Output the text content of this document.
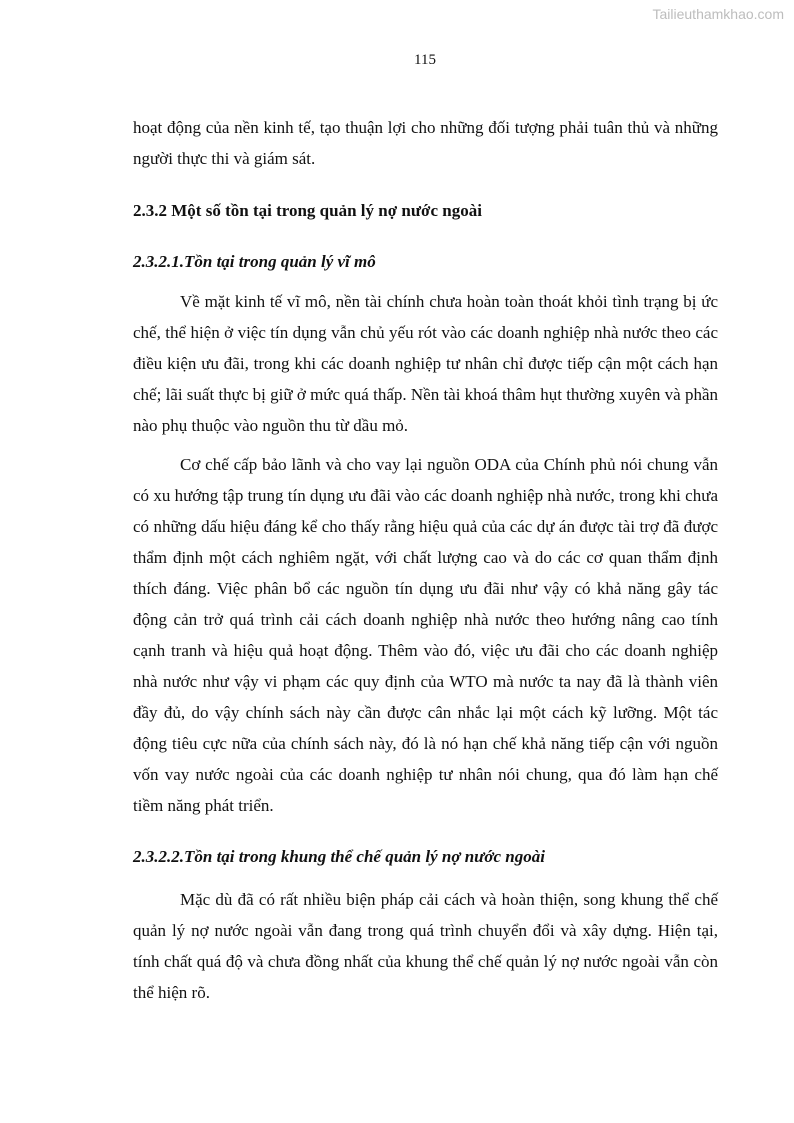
Tailieuthamkhao.com
115

hoạt động của nền kinh tế, tạo thuận lợi cho những đối tượng phải tuân thủ và những người thực thi và giám sát.

2.3.2 Một số tồn tại trong quản lý nợ nước ngoài
2.3.2.1.Tồn tại trong quản lý vĩ mô

Về mặt kinh tế vĩ mô, nền tài chính chưa hoàn toàn thoát khỏi tình trạng bị ức chế, thể hiện ở việc tín dụng vẫn chủ yếu rót vào các doanh nghiệp nhà nước theo các điều kiện ưu đãi, trong khi các doanh nghiệp tư nhân chỉ được tiếp cận một cách hạn chế; lãi suất thực bị giữ ở mức quá thấp. Nền tài khoá thâm hụt thường xuyên và phần nào phụ thuộc vào nguồn thu từ dầu mỏ.

Cơ chế cấp bảo lãnh và cho vay lại nguồn ODA của Chính phủ nói chung vẫn có xu hướng tập trung tín dụng ưu đãi vào các doanh nghiệp nhà nước, trong khi chưa có những dấu hiệu đáng kể cho thấy rằng hiệu quả của các dự án được tài trợ đã được thẩm định một cách nghiêm ngặt, với chất lượng cao và do các cơ quan thẩm định thích đáng. Việc phân bổ các nguồn tín dụng ưu đãi như vậy có khả năng gây tác động cản trở quá trình cải cách doanh nghiệp nhà nước theo hướng nâng cao tính cạnh tranh và hiệu quả hoạt động. Thêm vào đó, việc ưu đãi cho các doanh nghiệp nhà nước như vậy vi phạm các quy định của WTO mà nước ta nay đã là thành viên đầy đủ, do vậy chính sách này cần được cân nhắc lại một cách kỹ lưỡng. Một tác động tiêu cực nữa của chính sách này, đó là nó hạn chế khả năng tiếp cận với nguồn vốn vay nước ngoài của các doanh nghiệp tư nhân nói chung, qua đó làm hạn chế tiềm năng phát triển.

2.3.2.2.Tồn tại trong khung thể chế quản lý nợ nước ngoài

Mặc dù đã có rất nhiều biện pháp cải cách và hoàn thiện, song khung thể chế quản lý nợ nước ngoài vẫn đang trong quá trình chuyển đổi và xây dựng. Hiện tại, tính chất quá độ và chưa đồng nhất của khung thể chế quản lý nợ nước ngoài vẫn còn thể hiện rõ.
